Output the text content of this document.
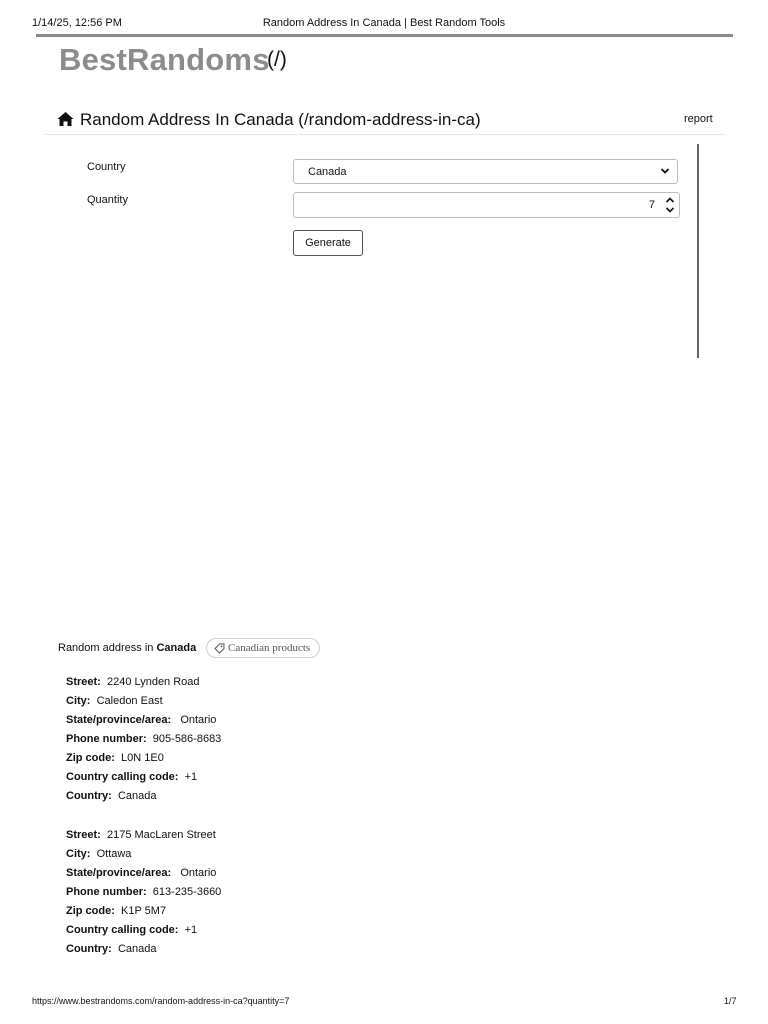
1/14/25, 12:56 PM	Random Address In Canada | Best Random Tools
BestRandoms
(/)
Random Address In Canada (/random-address-in-ca)	report
Country	Canada
Quantity	7
Generate
Random address in Canada	Canadian products
Street: 2240 Lynden Road
City: Caledon East
State/province/area: Ontario
Phone number: 905-586-8683
Zip code: L0N 1E0
Country calling code: +1
Country: Canada
Street: 2175 MacLaren Street
City: Ottawa
State/province/area: Ontario
Phone number: 613-235-3660
Zip code: K1P 5M7
Country calling code: +1
Country: Canada
https://www.bestrandoms.com/random-address-in-ca?quantity=7	1/7
